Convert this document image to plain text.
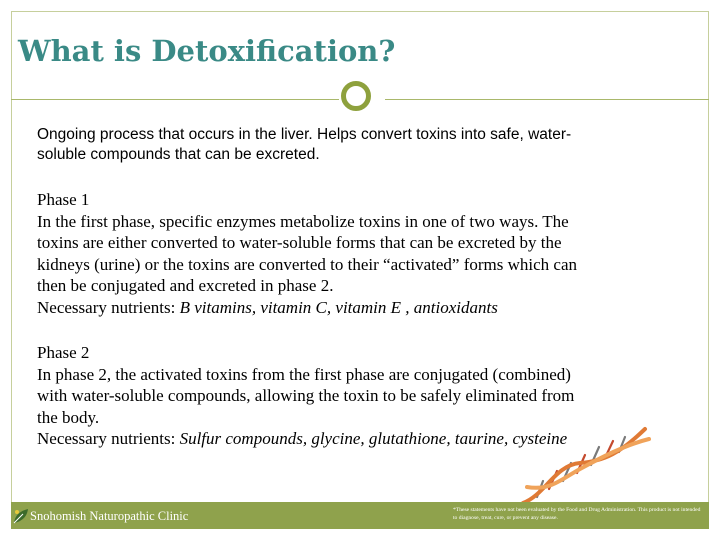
What is Detoxification?
Ongoing process that occurs in the liver. Helps convert toxins into safe, water-
soluble compounds that can be excreted.
Phase 1
In the first phase, specific enzymes metabolize toxins in one of two ways. The
toxins are either converted to water-soluble forms that can be excreted by the
kidneys (urine) or the toxins are converted to their “activated” forms which can
then be conjugated and excreted in phase 2.
Necessary nutrients: B vitamins, vitamin C, vitamin E , antioxidants
Phase 2
In phase 2, the activated toxins from the first phase are conjugated (combined)
with water-soluble compounds, allowing the toxin to be safely eliminated from
the body.
Necessary nutrients: Sulfur compounds, glycine, glutathione, taurine, cysteine
Snohomish Naturopathic Clinic	*These statements have not been evaluated by the Food and Drug Administration. This product is not intended to diagnose, treat, cure, or prevent any disease.
